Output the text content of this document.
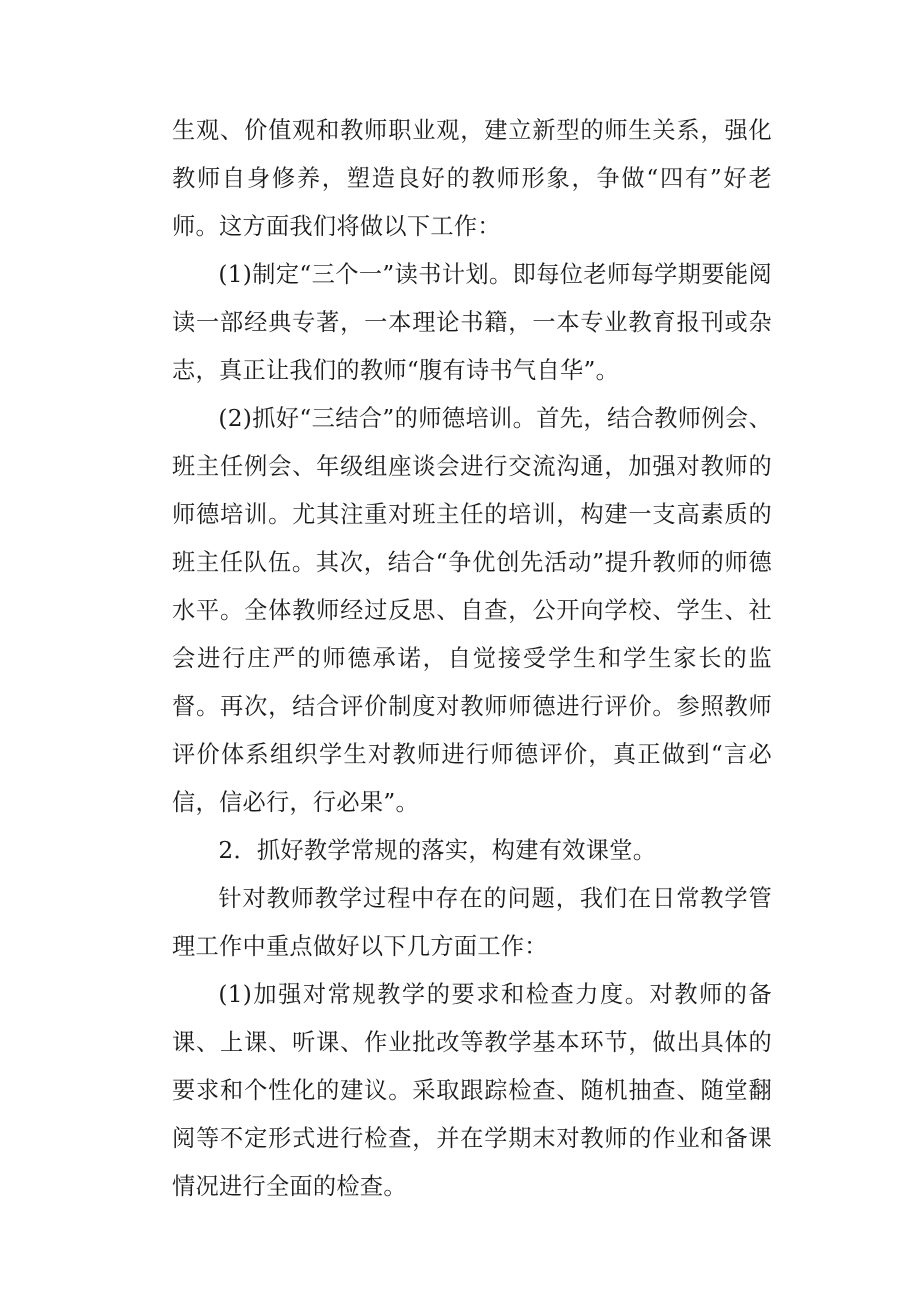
生观、价值观和教师职业观，建立新型的师生关系，强化教师自身修养，塑造良好的教师形象，争做“四有”好老师。这方面我们将做以下工作：

(1)制定“三个一”读书计划。即每位老师每学期要能阅读一部经典专著，一本理论书籍，一本专业教育报刊或杂志，真正让我们的教师“腹有诗书气自华”。

(2)抓好“三结合”的师德培训。首先，结合教师例会、班主任例会、年级组座谈会进行交流沟通，加强对教师的师德培训。尤其注重对班主任的培训，构建一支高素质的班主任队伍。其次，结合“争优创先活动”提升教师的师德水平。全体教师经过反思、自查，公开向学校、学生、社会进行庄严的师德承诺，自觉接受学生和学生家长的监督。再次，结合评价制度对教师师德进行评价。参照教师评价体系组织学生对教师进行师德评价，真正做到“言必信，信必行，行必果”。

2．抓好教学常规的落实，构建有效课堂。

针对教师教学过程中存在的问题，我们在日常教学管理工作中重点做好以下几方面工作：

(1)加强对常规教学的要求和检查力度。对教师的备课、上课、听课、作业批改等教学基本环节，做出具体的要求和个性化的建议。采取跟踪检查、随机抽查、随堂翻阅等不定形式进行检查，并在学期末对教师的作业和备课情况进行全面的检查。
